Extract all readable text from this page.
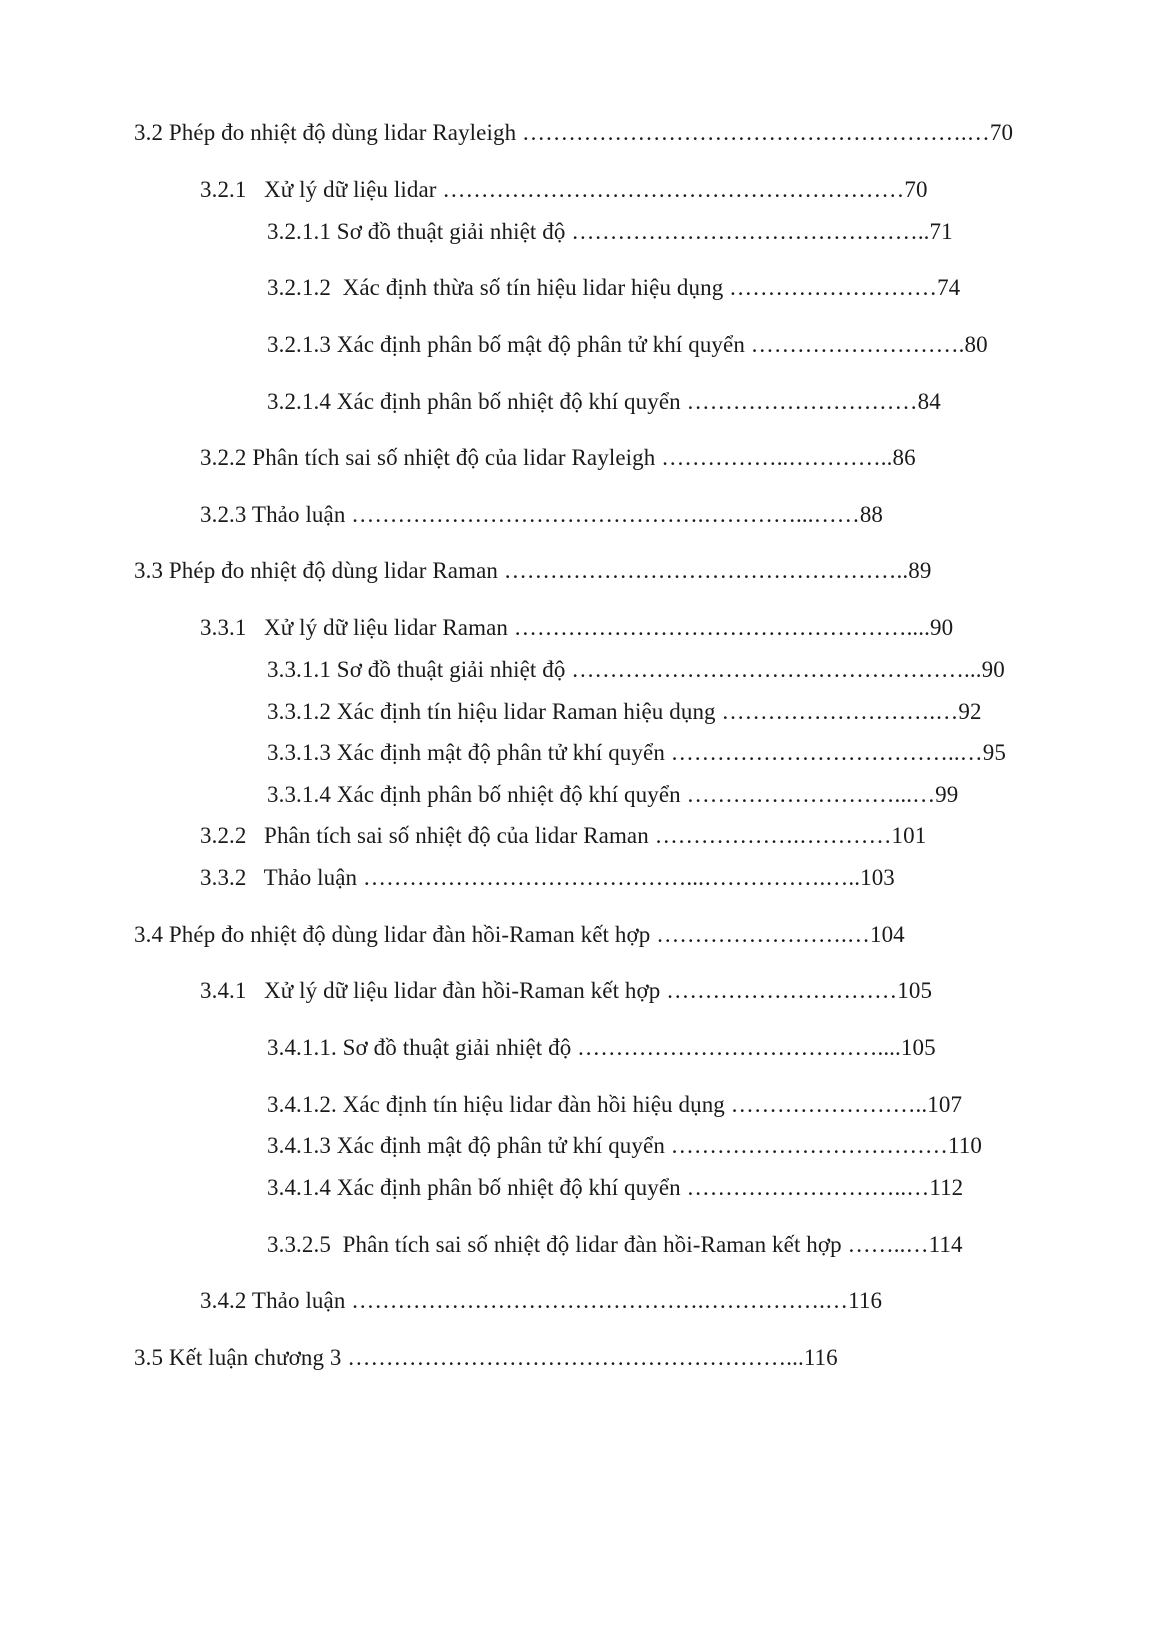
3.2 Phép đo nhiệt độ dùng lidar Rayleigh ………………………………………………….…70
3.2.1   Xử lý dữ liệu lidar ……………………………………………………70
3.2.1.1 Sơ đồ thuật giải nhiệt độ ………………………………………..71
3.2.1.2  Xác định thừa số tín hiệu lidar hiệu dụng ………………………74
3.2.1.3 Xác định phân bố mật độ phân tử khí quyển ……………………….80
3.2.1.4 Xác định phân bố nhiệt độ khí quyển …………………………84
3.2.2 Phân tích sai số nhiệt độ của lidar Rayleigh ……………..…………..86
3.2.3 Thảo luận ……………………………………….…………...……88
3.3 Phép đo nhiệt độ dùng lidar Raman ……………………………………………..89
3.3.1   Xử lý dữ liệu lidar Raman ……………………………………………....90
3.3.1.1 Sơ đồ thuật giải nhiệt độ ……………………………………………...90
3.3.1.2 Xác định tín hiệu lidar Raman hiệu dụng ……………………….…92
3.3.1.3 Xác định mật độ phân tử khí quyển ………………………………..…95
3.3.1.4 Xác định phân bố nhiệt độ khí quyển ………………………...…99
3.2.2   Phân tích sai số nhiệt độ của lidar Raman ……………….…………101
3.3.2   Thảo luận ……………………………………...…………….…..103
3.4 Phép đo nhiệt độ dùng lidar đàn hồi-Raman kết hợp …………………….…104
3.4.1   Xử lý dữ liệu lidar đàn hồi-Raman kết hợp …………………………105
3.4.1.1. Sơ đồ thuật giải nhiệt độ …………………………………....105
3.4.1.2. Xác định tín hiệu lidar đàn hồi hiệu dụng ……………………..107
3.4.1.3 Xác định mật độ phân tử khí quyển ………………………………110
3.4.1.4 Xác định phân bố nhiệt độ khí quyển ………………………..…112
3.3.2.5  Phân tích sai số nhiệt độ lidar đàn hồi-Raman kết hợp ……..…114
3.4.2 Thảo luận ……………………………………….…………….…116
3.5 Kết luận chương 3 …………………………………………………...116
